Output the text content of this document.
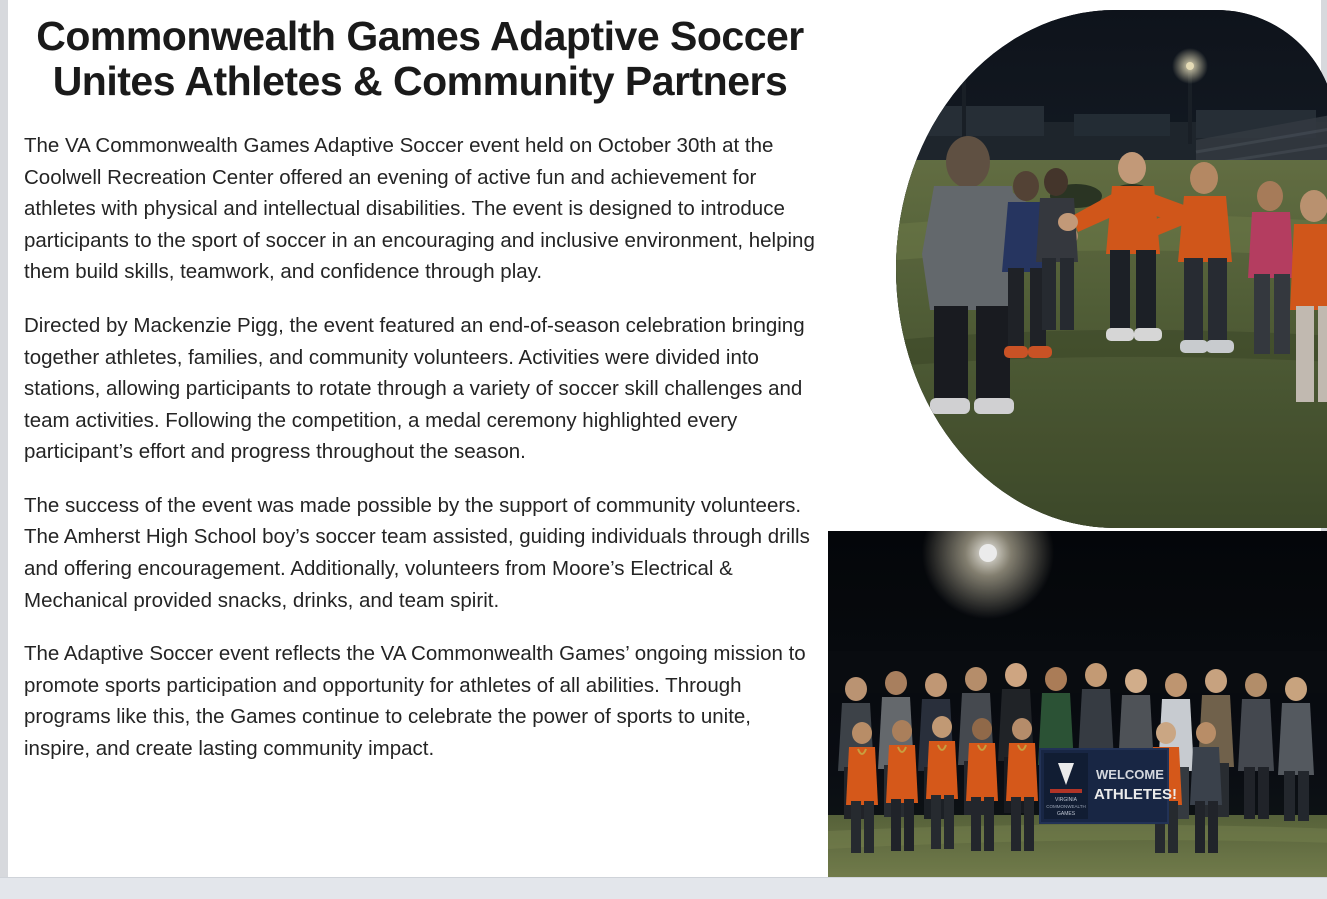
Commonwealth Games Adaptive Soccer Unites Athletes & Community Partners

The VA Commonwealth Games Adaptive Soccer event held on October 30th at the Coolwell Recreation Center offered an evening of active fun and achievement for athletes with physical and intellectual disabilities. The event is designed to introduce participants to the sport of soccer in an encouraging and inclusive environment, helping them build skills, teamwork, and confidence through play.

Directed by Mackenzie Pigg, the event featured an end-of-season celebration bringing together athletes, families, and community volunteers. Activities were divided into stations, allowing participants to rotate through a variety of soccer skill challenges and team activities. Following the competition, a medal ceremony highlighted every participant’s effort and progress throughout the season.

The success of the event was made possible by the support of community volunteers. The Amherst High School boy’s soccer team assisted, guiding individuals through drills and offering encouragement. Additionally, volunteers from Moore’s Electrical & Mechanical provided snacks, drinks, and team spirit.

The Adaptive Soccer event reflects the VA Commonwealth Games’ ongoing mission to promote sports participation and opportunity for athletes of all abilities. Through programs like this, the Games continue to celebrate the power of sports to unite, inspire, and create lasting community impact.

VIRGINIA
COMMONWEALTH
GAMES
WELCOME
ATHLETES!
